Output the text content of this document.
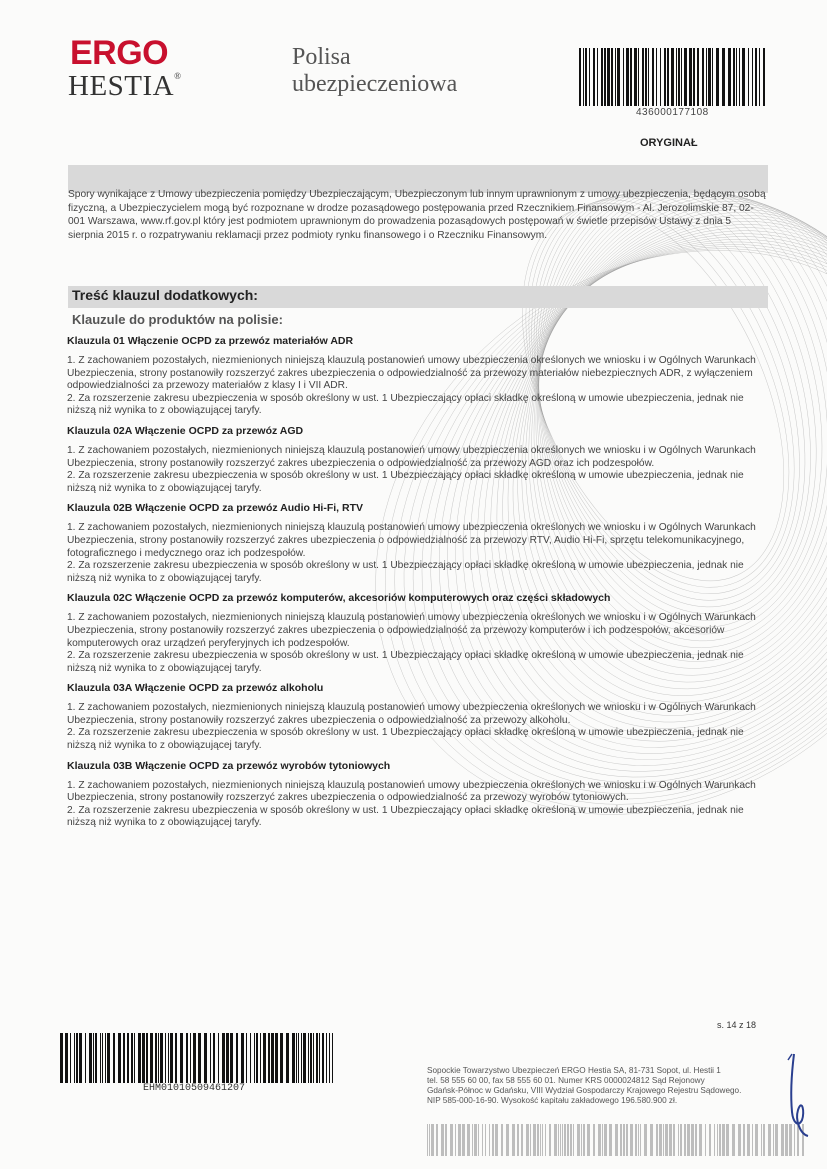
ERGO
HESTIA®
Polisa
ubezpieczeniowa
436000177108
ORYGINAŁ
Spory wynikające z Umowy ubezpieczenia pomiędzy Ubezpieczającym, Ubezpieczonym lub innym uprawnionym z umowy ubezpieczenia, będącym osobą fizyczną, a Ubezpieczycielem mogą być rozpoznane w drodze pozasądowego postępowania przed Rzecznikiem Finansowym - Al. Jerozolimskie 87, 02-001 Warszawa, www.rf.gov.pl który jest podmiotem uprawnionym do prowadzenia pozasądowych postępowań w świetle przepisów Ustawy z dnia 5 sierpnia 2015 r. o rozpatrywaniu reklamacji przez podmioty rynku finansowego i o Rzeczniku Finansowym.
Treść klauzul dodatkowych:
Klauzule do produktów na polisie:
Klauzula 01 Włączenie OCPD za przewóz materiałów ADR

1. Z zachowaniem pozostałych, niezmienionych niniejszą klauzulą postanowień umowy ubezpieczenia określonych we wniosku i w Ogólnych Warunkach Ubezpieczenia, strony postanowiły rozszerzyć zakres ubezpieczenia o odpowiedzialność za przewozy materiałów niebezpiecznych ADR, z wyłączeniem odpowiedzialności za przewozy materiałów z klasy I i VII ADR.

2. Za rozszerzenie zakresu ubezpieczenia w sposób określony w ust. 1 Ubezpieczający opłaci składkę określoną w umowie ubezpieczenia, jednak nie niższą niż wynika to z obowiązującej taryfy.

Klauzula 02A Włączenie OCPD za przewóz AGD

1. Z zachowaniem pozostałych, niezmienionych niniejszą klauzulą postanowień umowy ubezpieczenia określonych we wniosku i w Ogólnych Warunkach Ubezpieczenia, strony postanowiły rozszerzyć zakres ubezpieczenia o odpowiedzialność za przewozy AGD oraz ich podzespołów.

2. Za rozszerzenie zakresu ubezpieczenia w sposób określony w ust. 1 Ubezpieczający opłaci składkę określoną w umowie ubezpieczenia, jednak nie niższą niż wynika to z obowiązującej taryfy.

Klauzula 02B Włączenie OCPD za przewóz Audio Hi-Fi, RTV

1. Z zachowaniem pozostałych, niezmienionych niniejszą klauzulą postanowień umowy ubezpieczenia określonych we wniosku i w Ogólnych Warunkach Ubezpieczenia, strony postanowiły rozszerzyć zakres ubezpieczenia o odpowiedzialność za przewozy RTV, Audio Hi-Fi, sprzętu telekomunikacyjnego, fotograficznego i medycznego oraz ich podzespołów.

2. Za rozszerzenie zakresu ubezpieczenia w sposób określony w ust. 1 Ubezpieczający opłaci składkę określoną w umowie ubezpieczenia, jednak nie niższą niż wynika to z obowiązującej taryfy.

Klauzula 02C Włączenie OCPD za przewóz komputerów, akcesoriów komputerowych oraz części składowych

1. Z zachowaniem pozostałych, niezmienionych niniejszą klauzulą postanowień umowy ubezpieczenia określonych we wniosku i w Ogólnych Warunkach Ubezpieczenia, strony postanowiły rozszerzyć zakres ubezpieczenia o odpowiedzialność za przewozy komputerów i ich podzespołów, akcesoriów komputerowych oraz urządzeń peryferyjnych ich podzespołów.

2. Za rozszerzenie zakresu ubezpieczenia w sposób określony w ust. 1 Ubezpieczający opłaci składkę określoną w umowie ubezpieczenia, jednak nie niższą niż wynika to z obowiązującej taryfy.

Klauzula 03A Włączenie OCPD za przewóz alkoholu

1. Z zachowaniem pozostałych, niezmienionych niniejszą klauzulą postanowień umowy ubezpieczenia określonych we wniosku i w Ogólnych Warunkach Ubezpieczenia, strony postanowiły rozszerzyć zakres ubezpieczenia o odpowiedzialność za przewozy alkoholu.

2. Za rozszerzenie zakresu ubezpieczenia w sposób określony w ust. 1 Ubezpieczający opłaci składkę określoną w umowie ubezpieczenia, jednak nie niższą niż wynika to z obowiązującej taryfy.

Klauzula 03B Włączenie OCPD za przewóz wyrobów tytoniowych

1. Z zachowaniem pozostałych, niezmienionych niniejszą klauzulą postanowień umowy ubezpieczenia określonych we wniosku i w Ogólnych Warunkach Ubezpieczenia, strony postanowiły rozszerzyć zakres ubezpieczenia o odpowiedzialność za przewozy wyrobów tytoniowych.

2. Za rozszerzenie zakresu ubezpieczenia w sposób określony w ust. 1 Ubezpieczający opłaci składkę określoną w umowie ubezpieczenia, jednak nie niższą niż wynika to z obowiązującej taryfy.

s. 14 z 18
EHM01010509461207
Sopockie Towarzystwo Ubezpieczeń ERGO Hestia SA, 81-731 Sopot, ul. Hestii 1
tel. 58 555 60 00, fax 58 555 60 01. Numer KRS 0000024812 Sąd Rejonowy
Gdańsk-Północ w Gdańsku, VIII Wydział Gospodarczy Krajowego Rejestru Sądowego.
NIP 585-000-16-90. Wysokość kapitału zakładowego 196.580.900 zł.
